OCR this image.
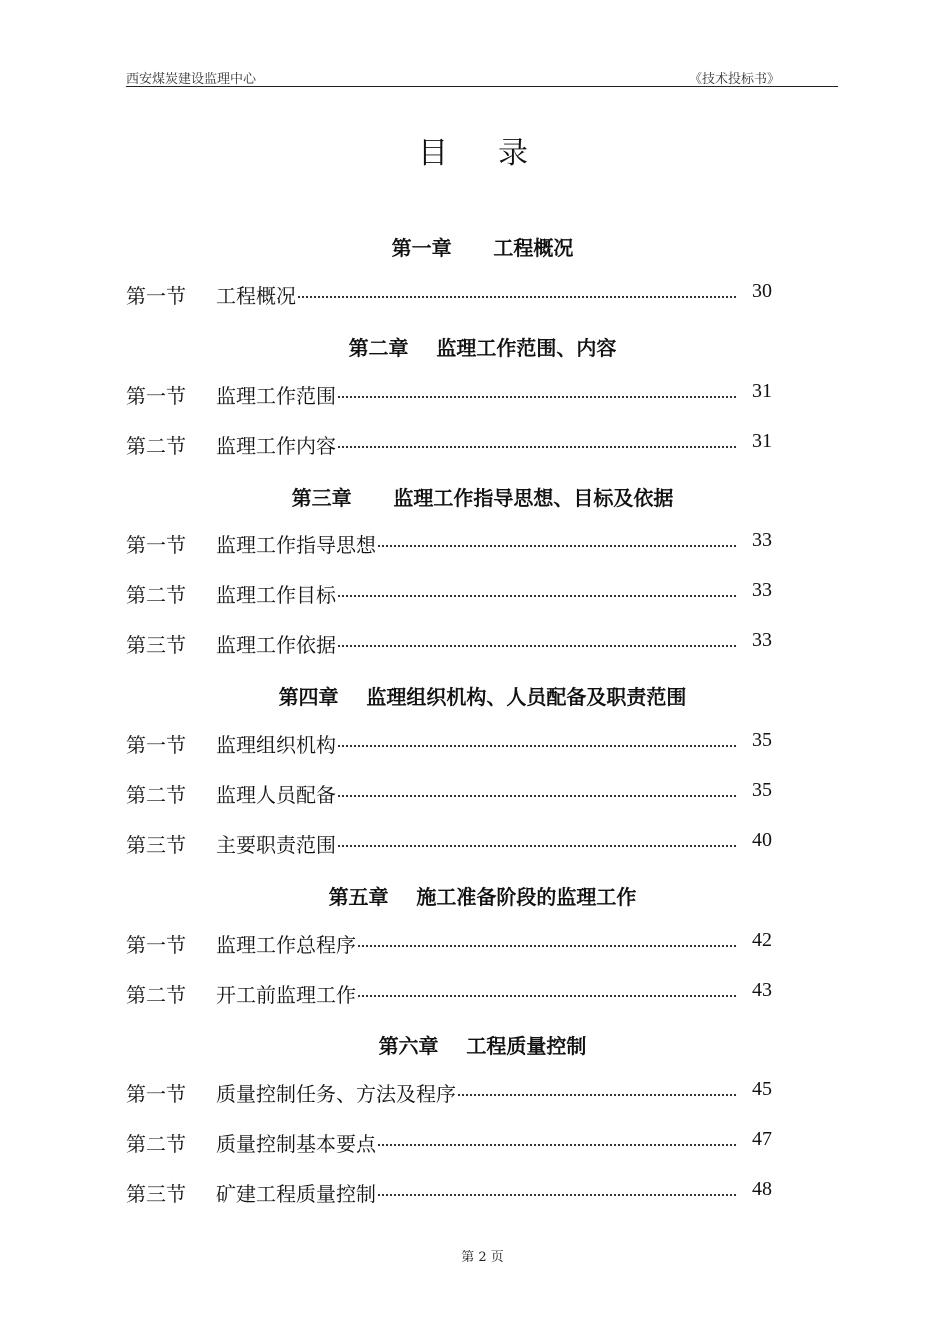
西安煤炭建设监理中心	《技术投标书》
目录
第一章      工程概况
第一节 工程概况	30
第二章    监理工作范围、内容
第一节 监理工作范围	31
第二节 监理工作内容	31
第三章      监理工作指导思想、目标及依据
第一节 监理工作指导思想	33
第二节 监理工作目标	33
第三节 监理工作依据	33
第四章    监理组织机构、人员配备及职责范围
第一节 监理组织机构	35
第二节 监理人员配备	35
第三节 主要职责范围	40
第五章    施工准备阶段的监理工作
第一节 监理工作总程序	42
第二节 开工前监理工作	43
第六章    工程质量控制
第一节 质量控制任务、方法及程序	45
第二节 质量控制基本要点	47
第三节 矿建工程质量控制	48
第 2 页
